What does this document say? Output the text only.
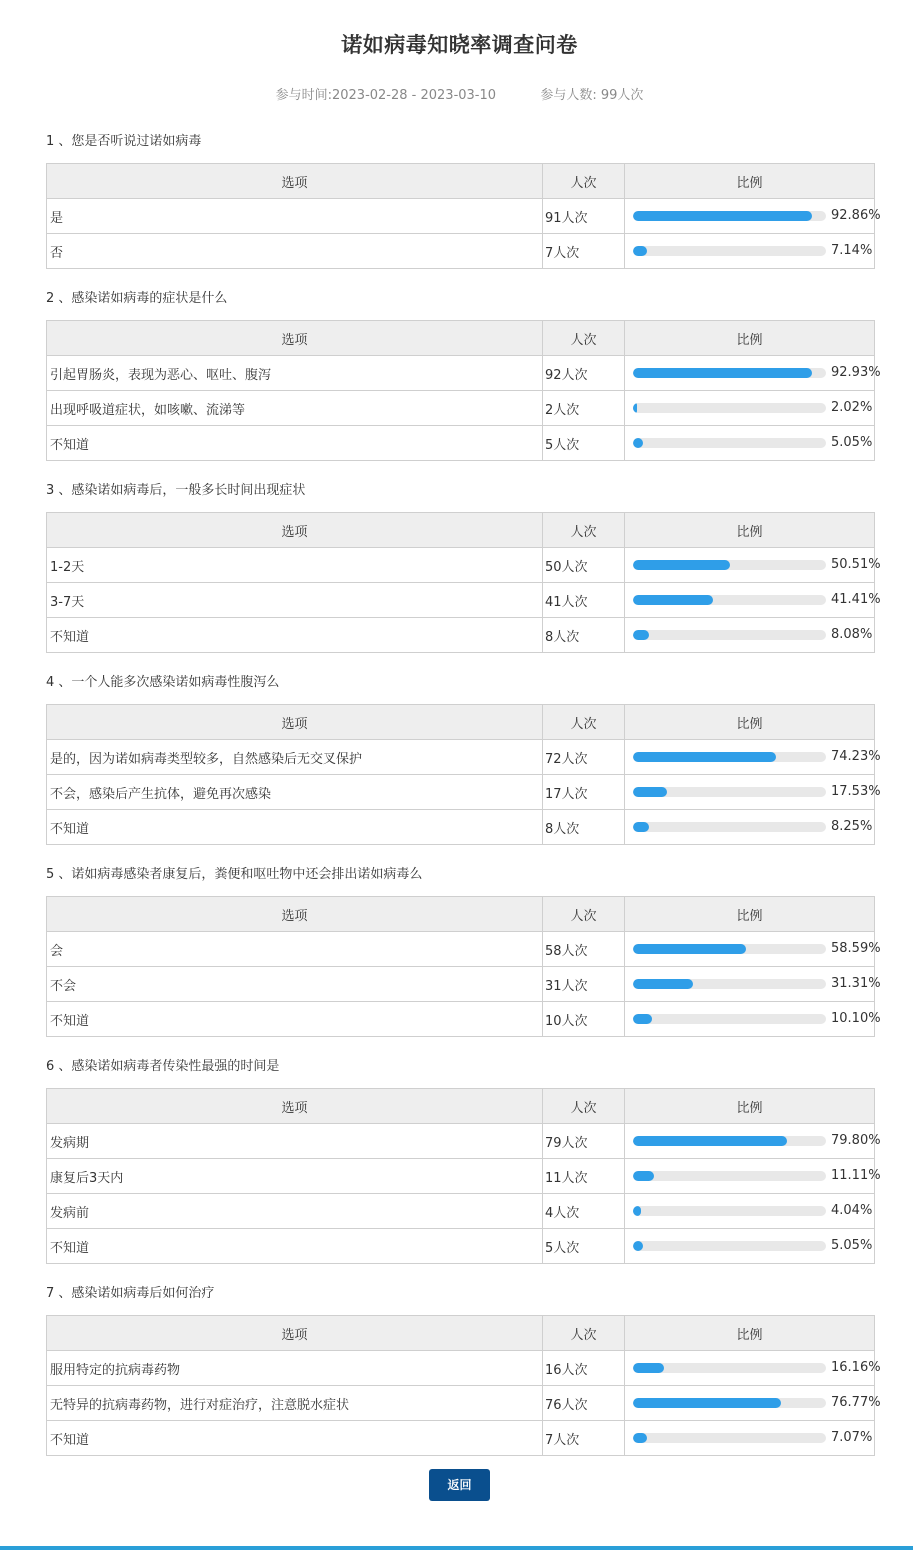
诺如病毒知晓率调查问卷
参与时间:2023-02-28 - 2023-03-10	参与人数: 99人次
1 、您是否听说过诺如病毒
选项	人次	比例
是	91人次	92.86%

否	7人次	7.14%
2 、感染诺如病毒的症状是什么
选项	人次	比例
引起胃肠炎，表现为恶心、呕吐、腹泻	92人次	92.93%

出现呼吸道症状，如咳嗽、流涕等	2人次	2.02%

不知道	5人次	5.05%
3 、感染诺如病毒后，一般多长时间出现症状
选项	人次	比例
1-2天	50人次	50.51%

3-7天	41人次	41.41%

不知道	8人次	8.08%
4 、一个人能多次感染诺如病毒性腹泻么
选项	人次	比例
是的，因为诺如病毒类型较多，自然感染后无交叉保护	72人次	74.23%

不会，感染后产生抗体，避免再次感染	17人次	17.53%

不知道	8人次	8.25%
5 、诺如病毒感染者康复后，粪便和呕吐物中还会排出诺如病毒么
选项	人次	比例
会	58人次	58.59%

不会	31人次	31.31%

不知道	10人次	10.10%
6 、感染诺如病毒者传染性最强的时间是
选项	人次	比例
发病期	79人次	79.80%

康复后3天内	11人次	11.11%

发病前	4人次	4.04%

不知道	5人次	5.05%
7 、感染诺如病毒后如何治疗
选项	人次	比例
服用特定的抗病毒药物	16人次	16.16%

无特异的抗病毒药物，进行对症治疗，注意脱水症状	76人次	76.77%

不知道	7人次	7.07%
返回
